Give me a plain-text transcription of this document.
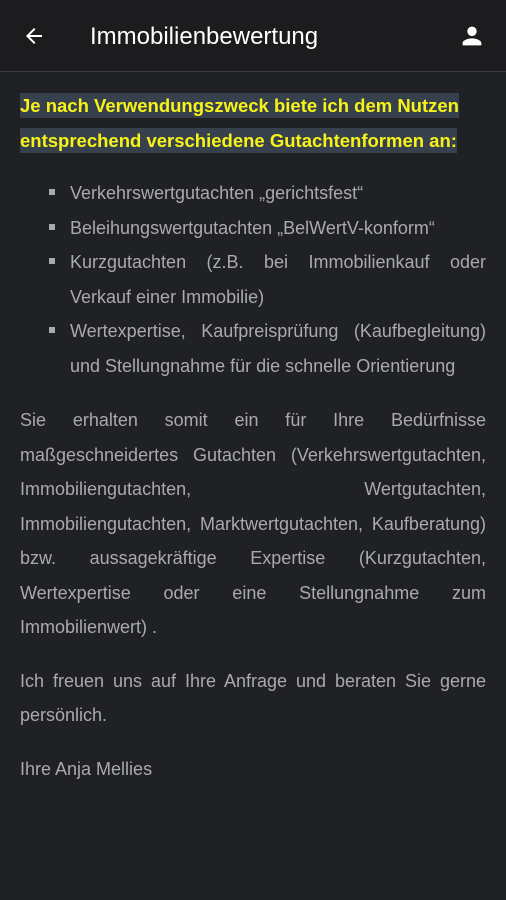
Immobilienbewertung

Je nach Verwendungszweck biete ich dem Nutzen entsprechend verschiedene Gutachtenformen an:

Verkehrswertgutachten „gerichtsfest“
Beleihungswertgutachten „BelWertV-konform“
Kurzgutachten (z.B. bei Immobilienkauf oder Verkauf einer Immobilie)
Wertexpertise, Kaufpreisprüfung (Kaufbegleitung) und Stellungnahme für die schnelle Orientierung

Sie erhalten somit ein für Ihre Bedürfnisse maßgeschneidertes Gutachten (Verkehrswertgutachten, Immobiliengutachten, Wertgutachten, Immobiliengutachten, Marktwertgutachten, Kaufberatung) bzw. aussagekräftige Expertise (Kurzgutachten, Wertexpertise oder eine Stellungnahme zum Immobilienwert) .

Ich freuen uns auf Ihre Anfrage und beraten Sie gerne persönlich.

Ihre Anja Mellies
